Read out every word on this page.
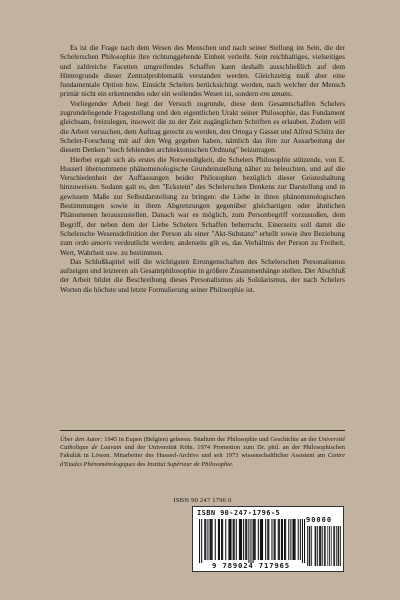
Es ist die Frage nach dem Wesen des Menschen und nach seiner Stellung im Sein, die der Schelerschen Philosophie ihre richtunggebende Einheit verleiht. Sein reichhaltiges, vielseitiges und zahlreiche Facetten umgreifendes Schaffen kann deshalb ausschließlich auf dem Hintergrunde dieser Zentralproblematik verstanden werden. Gleichzeitig muß aber eine fundamentale Option bzw. Einsicht Schelers berücksichtigt werden, nach welcher der Mensch primär nicht ein erkennendes oder ein wollendes Wesen ist, sondern ens amans.

Vorliegender Arbeit liegt der Versuch zugrunde, diese dem Gesamtschaffen Schelers zugrundeliegende Fragestellung und den eigentlichen Urakt seiner Philosophie, das Fundament gleichsam, freizulegen, insoweit die zu der Zeit zugänglichen Schriften es erlauben. Zudem will die Arbeit versuchen, dem Auftrag gerecht zu werden, den Ortega y Gasset und Alfred Schütz der Scheler-Forschung mit auf den Weg gegeben haben, nämlich das ihre zur Ausarbeitung der diesem Denken "noch fehlenden architektonischen Ordnung" beizutragen.

Hierbei ergab sich als erstes die Notwendigkeit, die Schelers Philosophie stützende, von E. Husserl übernommene phänomenologische Grundeinstellung näher zu beleuchten, und auf die Verschiedenheit der Auffassungen beider Philosophen bezüglich dieser Geisteshaltung hinzuweisen. Sodann galt es, den "Eckstein" des Schelerschen Denkens zur Darstellung und in gewissem Maße zur Selbstdarstellung zu bringen: die Liebe in ihren phänomenologischen Bestimmungen sowie in ihren Abgrenzungen gegenüber gleichartigen oder ähnlichen Phänomenen herauszustellen. Danach war es möglich, zum Personbegriff vorzustoßen, dem Begriff, der neben dem der Liebe Schelers Schaffen beherrscht. Einerseits soll damit die Schelersche Wesensdefinition der Person als einer "Akt-Substanz" erhellt sowie ihre Beziehung zum ordo amoris verdeutlicht werden; anderseits gilt es, das Verhältnis der Person zu Freiheit, Wert, Wahrheit usw. zu bestimmen.

Das Schlußkapitel will die wichtigsten Errungenschaften des Schelerschen Personalismus aufzeigen und letzteren als Gesamtphilosophie in größere Zusammenhänge stellen. Der Abschluß der Arbeit bildet die Beschreibung dieses Personalismus als Solidarismus, der nach Schelers Worten die höchste und letzte Formulierung seiner Philosophie ist.

Über den Autor: 1945 in Eupen (Belgien) geboren. Studium der Philosophie und Geschichte an der Université Catholique de Louvain und der Universität Köln. 1974 Promotion zum Dr. phil. an der Philosophischen Fakultät in Löwen. Mitarbeiter des Husserl-Archivs und seit 1973 wissenschaftlicher Assistent am Centre d'Etudes Phénoménologiques des Institut Supérieur de Philosophie.

ISBN 90 247 1796 0
ISBN 90-247-1796-5
90000
9 789024 717965
